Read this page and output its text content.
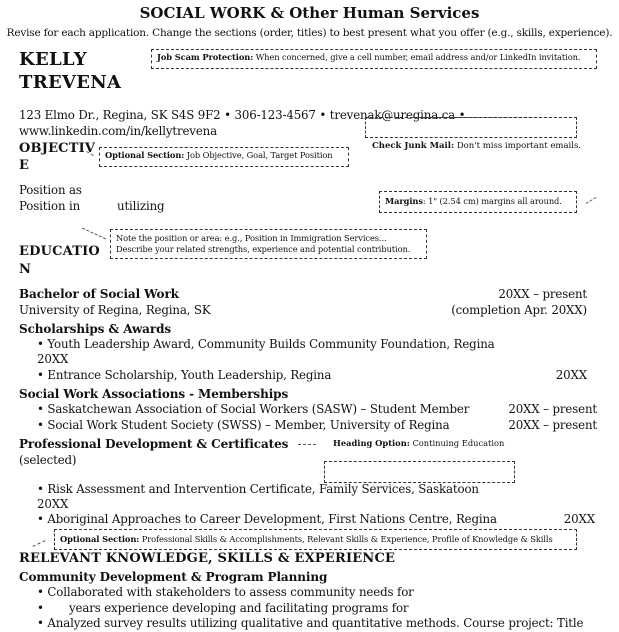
SOCIAL WORK & Other Human Services
Revise for each application. Change the sections (order, titles) to best present what you offer (e.g., skills, experience).
KELLY
TREVENA
Job Scam Protection: When concerned, give a cell number, email address and/or LinkedIn invitation.
123 Elmo Dr., Regina, SK S4S 9F2 • 306-123-4567 • trevenak@uregina.ca •
www.linkedin.com/in/kellytrevena
Check Junk Mail: Don't miss important emails.
OBJECTIV
E
Optional Section: Job Objective, Goal, Target Position
Position as
Position in	utilizing	Margins: 1" (2.54 cm) margins all around.
Note the position or area: e.g., Position in Immigration Services...
Describe your related strengths, experience and potential contribution.
EDUCATIO
N
Bachelor of Social Work	20XX – present
University of Regina, Regina, SK	(completion Apr. 20XX)
Scholarships & Awards
• Youth Leadership Award, Community Builds Community Foundation, Regina
20XX
• Entrance Scholarship, Youth Leadership, Regina	20XX
Social Work Associations - Memberships
• Saskatchewan Association of Social Workers (SASW) – Student Member	20XX – present
• Social Work Student Society (SWSS) – Member, University of Regina	20XX – present
Professional Development & Certificates	Heading Option: Continuing Education
(selected)
• Risk Assessment and Intervention Certificate, Family Services, Saskatoon
20XX
• Aboriginal Approaches to Career Development, First Nations Centre, Regina	20XX
Optional Section: Professional Skills & Accomplishments, Relevant Skills & Experience, Profile of Knowledge & Skills
RELEVANT KNOWLEDGE, SKILLS & EXPERIENCE
Community Development & Program Planning
• Collaborated with stakeholders to assess community needs for
•       years experience developing and facilitating programs for
• Analyzed survey results utilizing qualitative and quantitative methods. Course project: Title
